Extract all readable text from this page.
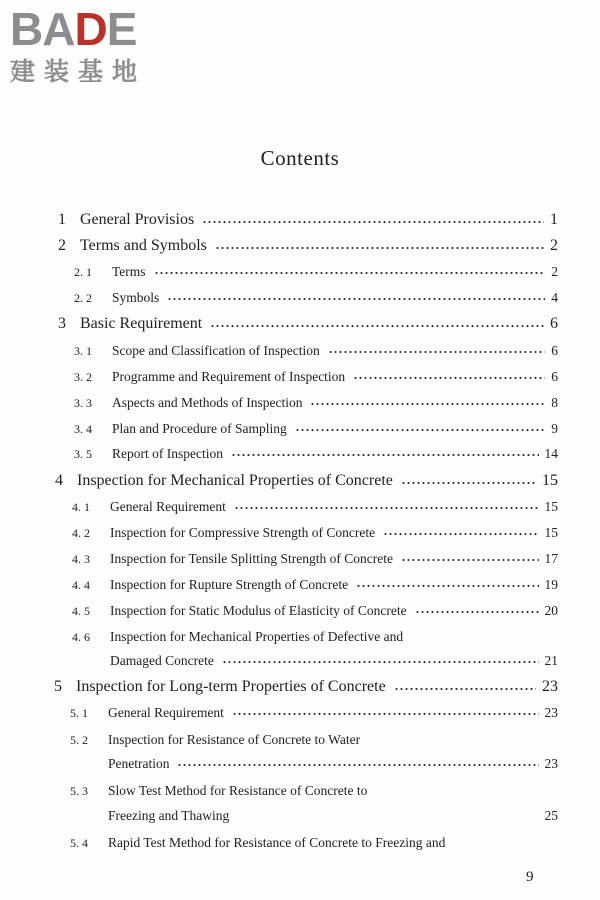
BADE
建装基地
Contents
1 General Provisios	1
2 Terms and Symbols	2
2. 1	Terms	2
2. 2	Symbols	4
3 Basic Requirement	6
3. 1	Scope and Classification of Inspection	6
3. 2	Programme and Requirement of Inspection	6
3. 3	Aspects and Methods of Inspection	8
3. 4	Plan and Procedure of Sampling	9
3. 5	Report of Inspection	14
4 Inspection for Mechanical Properties of Concrete	15
4. 1	General Requirement	15
4. 2	Inspection for Compressive Strength of Concrete	15
4. 3	Inspection for Tensile Splitting Strength of Concrete	17
4. 4	Inspection for Rupture Strength of Concrete	19
4. 5	Inspection for Static Modulus of Elasticity of Concrete	20
4. 6	Inspection for Mechanical Properties of Defective and
Damaged Concrete	21
5 Inspection for Long-term Properties of Concrete	23
5. 1	General Requirement	23
5. 2	Inspection for Resistance of Concrete to Water
Penetration	23
5. 3	Slow Test Method for Resistance of Concrete to
Freezing and Thawing	25
5. 4	Rapid Test Method for Resistance of Concrete to Freezing and
9
